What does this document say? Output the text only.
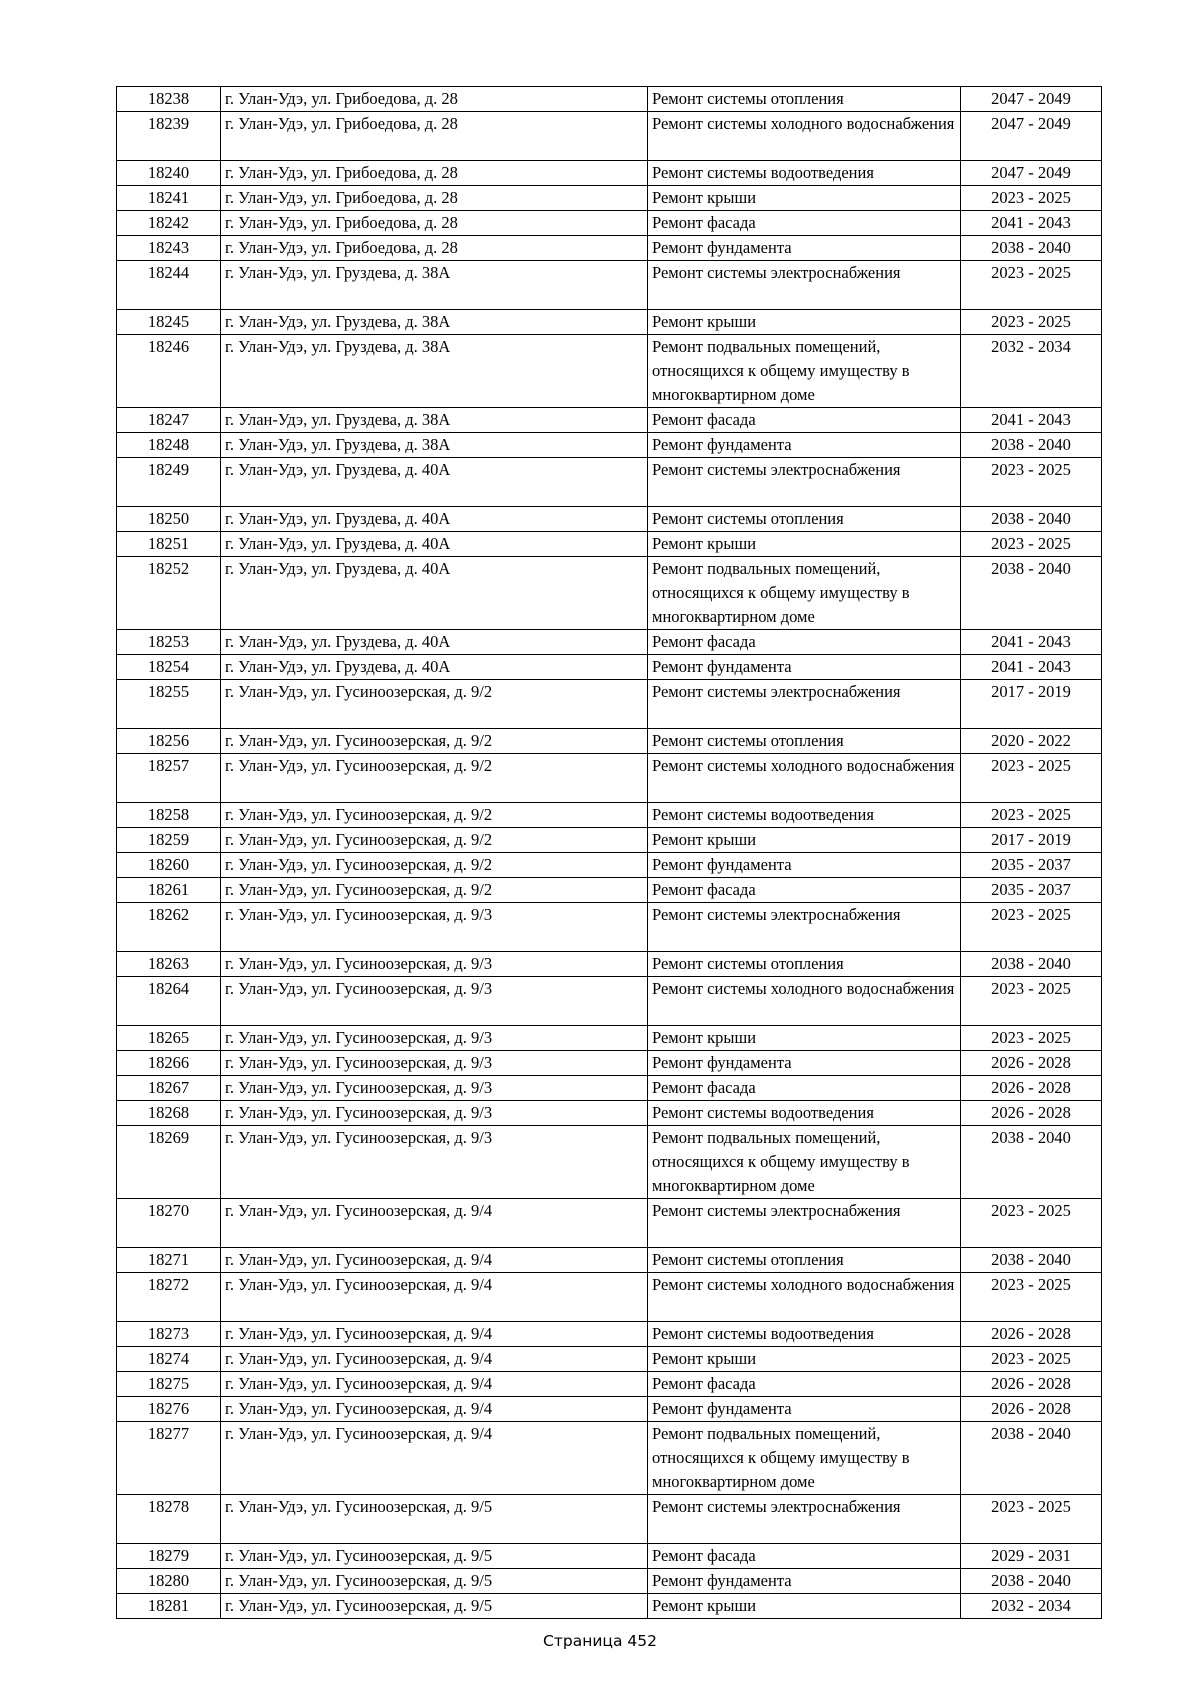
18238	г. Улан-Удэ, ул. Грибоедова, д. 28	Ремонт системы отопления	2047 - 2049
18239	г. Улан-Удэ, ул. Грибоедова, д. 28	Ремонт системы холодного водоснабжения	2047 - 2049
18240	г. Улан-Удэ, ул. Грибоедова, д. 28	Ремонт системы водоотведения	2047 - 2049
18241	г. Улан-Удэ, ул. Грибоедова, д. 28	Ремонт крыши	2023 - 2025
18242	г. Улан-Удэ, ул. Грибоедова, д. 28	Ремонт фасада	2041 - 2043
18243	г. Улан-Удэ, ул. Грибоедова, д. 28	Ремонт фундамента	2038 - 2040
18244	г. Улан-Удэ, ул. Груздева, д. 38А	Ремонт системы электроснабжения	2023 - 2025
18245	г. Улан-Удэ, ул. Груздева, д. 38А	Ремонт крыши	2023 - 2025
18246	г. Улан-Удэ, ул. Груздева, д. 38А	Ремонт подвальных помещений, относящихся к общему имуществу в многоквартирном доме	2032 - 2034
18247	г. Улан-Удэ, ул. Груздева, д. 38А	Ремонт фасада	2041 - 2043
18248	г. Улан-Удэ, ул. Груздева, д. 38А	Ремонт фундамента	2038 - 2040
18249	г. Улан-Удэ, ул. Груздева, д. 40А	Ремонт системы электроснабжения	2023 - 2025
18250	г. Улан-Удэ, ул. Груздева, д. 40А	Ремонт системы отопления	2038 - 2040
18251	г. Улан-Удэ, ул. Груздева, д. 40А	Ремонт крыши	2023 - 2025
18252	г. Улан-Удэ, ул. Груздева, д. 40А	Ремонт подвальных помещений, относящихся к общему имуществу в многоквартирном доме	2038 - 2040
18253	г. Улан-Удэ, ул. Груздева, д. 40А	Ремонт фасада	2041 - 2043
18254	г. Улан-Удэ, ул. Груздева, д. 40А	Ремонт фундамента	2041 - 2043
18255	г. Улан-Удэ, ул. Гусиноозерская, д. 9/2	Ремонт системы электроснабжения	2017 - 2019
18256	г. Улан-Удэ, ул. Гусиноозерская, д. 9/2	Ремонт системы отопления	2020 - 2022
18257	г. Улан-Удэ, ул. Гусиноозерская, д. 9/2	Ремонт системы холодного водоснабжения	2023 - 2025
18258	г. Улан-Удэ, ул. Гусиноозерская, д. 9/2	Ремонт системы водоотведения	2023 - 2025
18259	г. Улан-Удэ, ул. Гусиноозерская, д. 9/2	Ремонт крыши	2017 - 2019
18260	г. Улан-Удэ, ул. Гусиноозерская, д. 9/2	Ремонт фундамента	2035 - 2037
18261	г. Улан-Удэ, ул. Гусиноозерская, д. 9/2	Ремонт фасада	2035 - 2037
18262	г. Улан-Удэ, ул. Гусиноозерская, д. 9/3	Ремонт системы электроснабжения	2023 - 2025
18263	г. Улан-Удэ, ул. Гусиноозерская, д. 9/3	Ремонт системы отопления	2038 - 2040
18264	г. Улан-Удэ, ул. Гусиноозерская, д. 9/3	Ремонт системы холодного водоснабжения	2023 - 2025
18265	г. Улан-Удэ, ул. Гусиноозерская, д. 9/3	Ремонт крыши	2023 - 2025
18266	г. Улан-Удэ, ул. Гусиноозерская, д. 9/3	Ремонт фундамента	2026 - 2028
18267	г. Улан-Удэ, ул. Гусиноозерская, д. 9/3	Ремонт фасада	2026 - 2028
18268	г. Улан-Удэ, ул. Гусиноозерская, д. 9/3	Ремонт системы водоотведения	2026 - 2028
18269	г. Улан-Удэ, ул. Гусиноозерская, д. 9/3	Ремонт подвальных помещений, относящихся к общему имуществу в многоквартирном доме	2038 - 2040
18270	г. Улан-Удэ, ул. Гусиноозерская, д. 9/4	Ремонт системы электроснабжения	2023 - 2025
18271	г. Улан-Удэ, ул. Гусиноозерская, д. 9/4	Ремонт системы отопления	2038 - 2040
18272	г. Улан-Удэ, ул. Гусиноозерская, д. 9/4	Ремонт системы холодного водоснабжения	2023 - 2025
18273	г. Улан-Удэ, ул. Гусиноозерская, д. 9/4	Ремонт системы водоотведения	2026 - 2028
18274	г. Улан-Удэ, ул. Гусиноозерская, д. 9/4	Ремонт крыши	2023 - 2025
18275	г. Улан-Удэ, ул. Гусиноозерская, д. 9/4	Ремонт фасада	2026 - 2028
18276	г. Улан-Удэ, ул. Гусиноозерская, д. 9/4	Ремонт фундамента	2026 - 2028
18277	г. Улан-Удэ, ул. Гусиноозерская, д. 9/4	Ремонт подвальных помещений, относящихся к общему имуществу в многоквартирном доме	2038 - 2040
18278	г. Улан-Удэ, ул. Гусиноозерская, д. 9/5	Ремонт системы электроснабжения	2023 - 2025
18279	г. Улан-Удэ, ул. Гусиноозерская, д. 9/5	Ремонт фасада	2029 - 2031
18280	г. Улан-Удэ, ул. Гусиноозерская, д. 9/5	Ремонт фундамента	2038 - 2040
18281	г. Улан-Удэ, ул. Гусиноозерская, д. 9/5	Ремонт крыши	2032 - 2034
Страница 452
